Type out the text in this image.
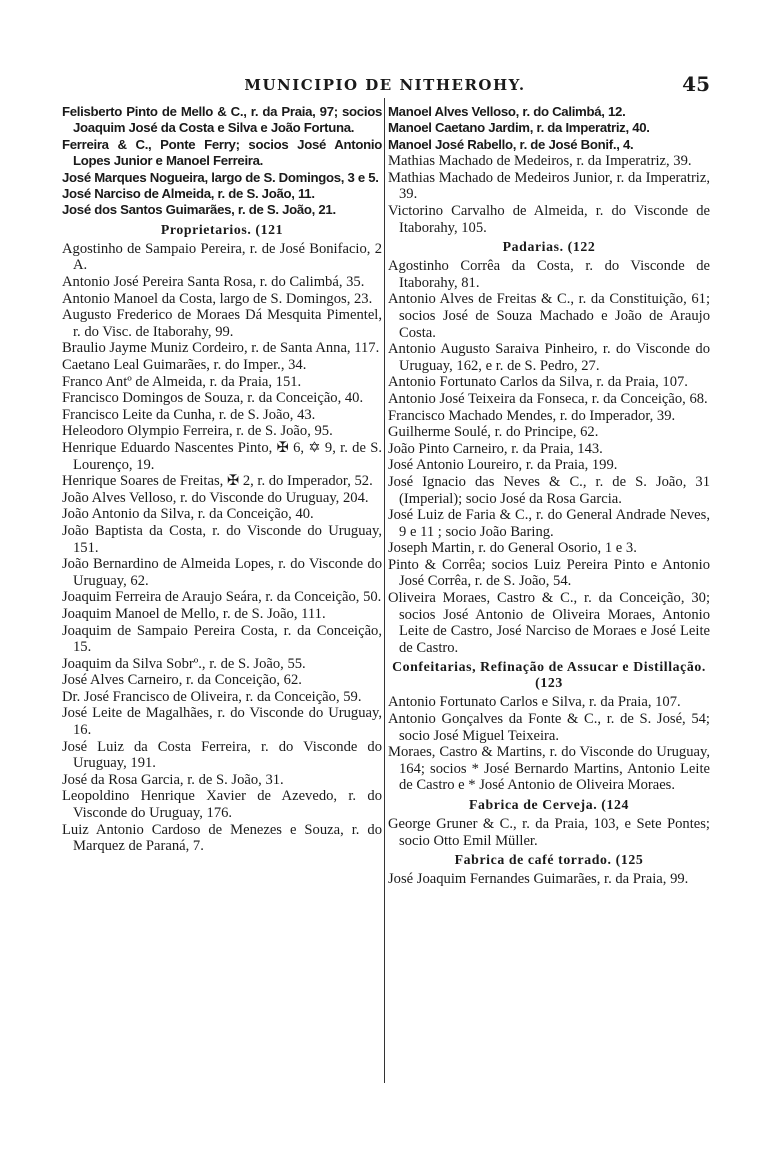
MUNICIPIO DE NITHEROHY.	45

Felisberto Pinto de Mello & C., r. da Praia, 97; socios Joaquim José da Costa e Silva e João Fortuna.

Ferreira & C., Ponte Ferry; socios José Antonio Lopes Junior e Manoel Ferreira.

José Marques Nogueira, largo de S. Domingos, 3 e 5.

José Narciso de Almeida, r. de S. João, 11.

José dos Santos Guimarães, r. de S. João, 21.

Proprietarios. (121

Agostinho de Sampaio Pereira, r. de José Bonifacio, 2 A.

Antonio José Pereira Santa Rosa, r. do Calimbá, 35.

Antonio Manoel da Costa, largo de S. Domingos, 23.

Augusto Frederico de Moraes Dá Mesquita Pimentel, r. do Visc. de Itaborahy, 99.

Braulio Jayme Muniz Cordeiro, r. de Santa Anna, 117.

Caetano Leal Guimarães, r. do Imper., 34.

Franco Antº de Almeida, r. da Praia, 151.

Francisco Domingos de Souza, r. da Conceição, 40.

Francisco Leite da Cunha, r. de S. João, 43.

Heleodoro Olympio Ferreira, r. de S. João, 95.

Henrique Eduardo Nascentes Pinto, ✠ 6, ✡ 9, r. de S. Lourenço, 19.

Henrique Soares de Freitas, ✠ 2, r. do Imperador, 52.

João Alves Velloso, r. do Visconde do Uruguay, 204.

João Antonio da Silva, r. da Conceição, 40.

João Baptista da Costa, r. do Visconde do Uruguay, 151.

João Bernardino de Almeida Lopes, r. do Visconde do Uruguay, 62.

Joaquim Ferreira de Araujo Seára, r. da Conceição, 50.

Joaquim Manoel de Mello, r. de S. João, 111.

Joaquim de Sampaio Pereira Costa, r. da Conceição, 15.

Joaquim da Silva Sobrº., r. de S. João, 55.

José Alves Carneiro, r. da Conceição, 62.

Dr. José Francisco de Oliveira, r. da Conceição, 59.

José Leite de Magalhães, r. do Visconde do Uruguay, 16.

José Luiz da Costa Ferreira, r. do Visconde do Uruguay, 191.

José da Rosa Garcia, r. de S. João, 31.

Leopoldino Henrique Xavier de Azevedo, r. do Visconde do Uruguay, 176.

Luiz Antonio Cardoso de Menezes e Souza, r. do Marquez de Paraná, 7.

Manoel Alves Velloso, r. do Calimbá, 12.

Manoel Caetano Jardim, r. da Imperatriz, 40.

Manoel José Rabello, r. de José Bonif., 4.

Mathias Machado de Medeiros, r. da Imperatriz, 39.

Mathias Machado de Medeiros Junior, r. da Imperatriz, 39.

Victorino Carvalho de Almeida, r. do Visconde de Itaborahy, 105.

Padarias. (122

Agostinho Corrêa da Costa, r. do Visconde de Itaborahy, 81.

Antonio Alves de Freitas & C., r. da Constituição, 61; socios José de Souza Machado e João de Araujo Costa.

Antonio Augusto Saraiva Pinheiro, r. do Visconde do Uruguay, 162, e r. de S. Pedro, 27.

Antonio Fortunato Carlos da Silva, r. da Praia, 107.

Antonio José Teixeira da Fonseca, r. da Conceição, 68.

Francisco Machado Mendes, r. do Imperador, 39.

Guilherme Soulé, r. do Principe, 62.

João Pinto Carneiro, r. da Praia, 143.

José Antonio Loureiro, r. da Praia, 199.

José Ignacio das Neves & C., r. de S. João, 31 (Imperial); socio José da Rosa Garcia.

José Luiz de Faria & C., r. do General Andrade Neves, 9 e 11 ; socio João Baring.

Joseph Martin, r. do General Osorio, 1 e 3.

Pinto & Corrêa; socios Luiz Pereira Pinto e Antonio José Corrêa, r. de S. João, 54.

Oliveira Moraes, Castro & C., r. da Conceição, 30; socios José Antonio de Oliveira Moraes, Antonio Leite de Castro, José Narciso de Moraes e José Leite de Castro.

Confeitarias, Refinação de Assucar e Distillação. (123

Antonio Fortunato Carlos e Silva, r. da Praia, 107.

Antonio Gonçalves da Fonte & C., r. de S. José, 54; socio José Miguel Teixeira.

Moraes, Castro & Martins, r. do Visconde do Uruguay, 164; socios * José Bernardo Martins, Antonio Leite de Castro e * José Antonio de Oliveira Moraes.

Fabrica de Cerveja. (124

George Gruner & C., r. da Praia, 103, e Sete Pontes; socio Otto Emil Müller.

Fabrica de café torrado. (125

José Joaquim Fernandes Guimarães, r. da Praia, 99.
